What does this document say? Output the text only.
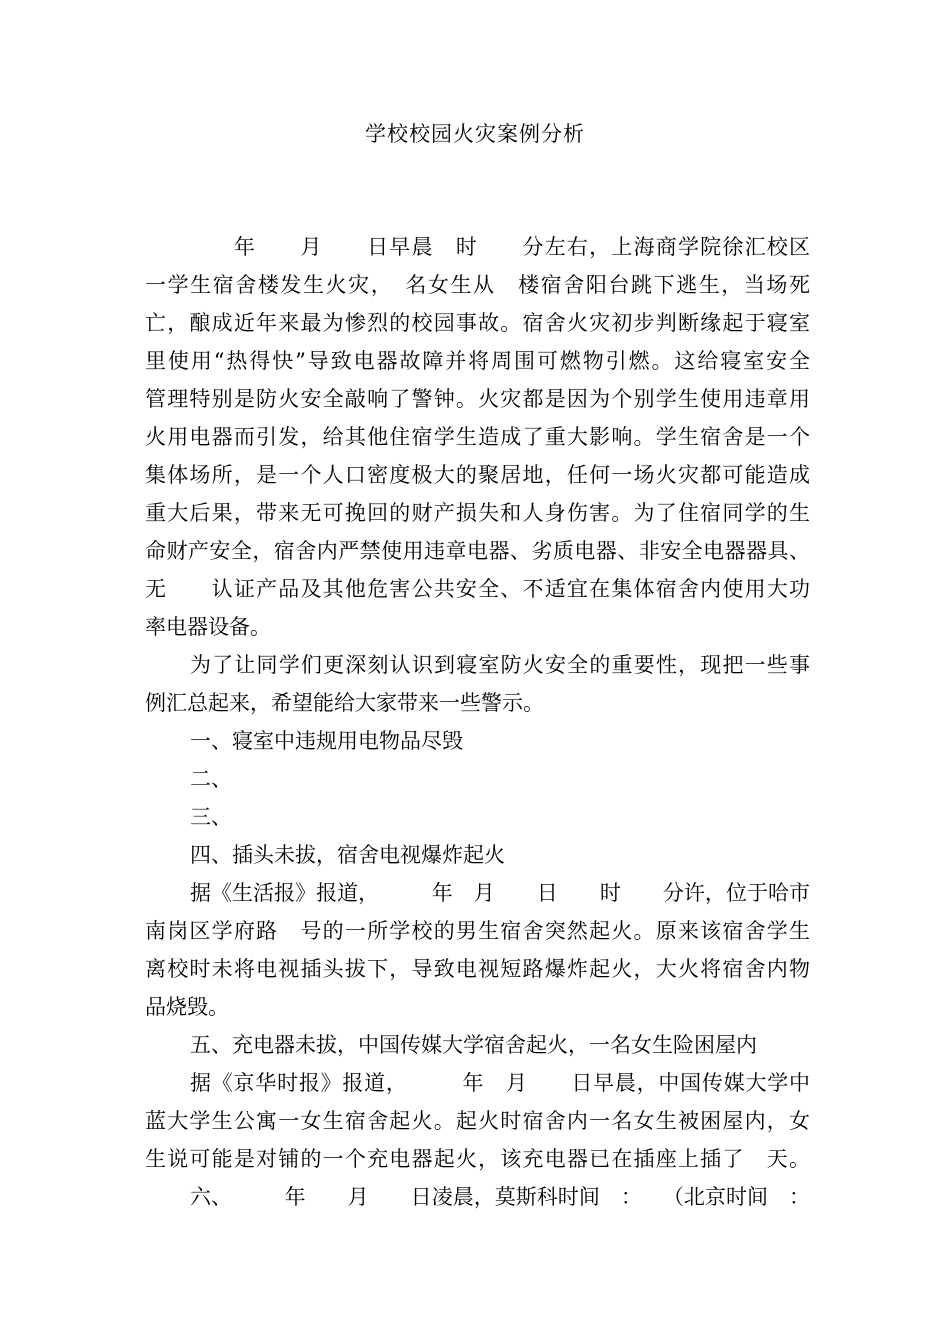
学校校园火灾案例分析

　　　　年　　月　　日早晨　时　　分左右，上海商学院徐汇校区

一学生宿舍楼发生火灾，　名女生从　楼宿舍阳台跳下逃生，当场死

亡，酿成近年来最为惨烈的校园事故。宿舍火灾初步判断缘起于寝室

里使用“热得快”导致电器故障并将周围可燃物引燃。这给寝室安全

管理特别是防火安全敲响了警钟。火灾都是因为个别学生使用违章用

火用电器而引发，给其他住宿学生造成了重大影响。学生宿舍是一个

集体场所，是一个人口密度极大的聚居地，任何一场火灾都可能造成

重大后果，带来无可挽回的财产损失和人身伤害。为了住宿同学的生

命财产安全，宿舍内严禁使用违章电器、劣质电器、非安全电器器具、

无　　认证产品及其他危害公共安全、不适宜在集体宿舍内使用大功

率电器设备。

为了让同学们更深刻认识到寝室防火安全的重要性，现把一些事

例汇总起来，希望能给大家带来一些警示。

一、寝室中违规用电物品尽毁

二、

三、

四、插头未拔，宿舍电视爆炸起火

据《生活报》报道，　　　年　月　　日　　时　　分许，位于哈市

南岗区学府路　号的一所学校的男生宿舍突然起火。原来该宿舍学生

离校时未将电视插头拔下，导致电视短路爆炸起火，大火将宿舍内物

品烧毁。

五、充电器未拔，中国传媒大学宿舍起火，一名女生险困屋内

据《京华时报》报道，　　　年　月　　日早晨，中国传媒大学中

蓝大学生公寓一女生宿舍起火。起火时宿舍内一名女生被困屋内，女

生说可能是对铺的一个充电器起火，该充电器已在插座上插了　天。

六、　　　年　　月　　日凌晨，莫斯科时间　：　　（北京时间　：
